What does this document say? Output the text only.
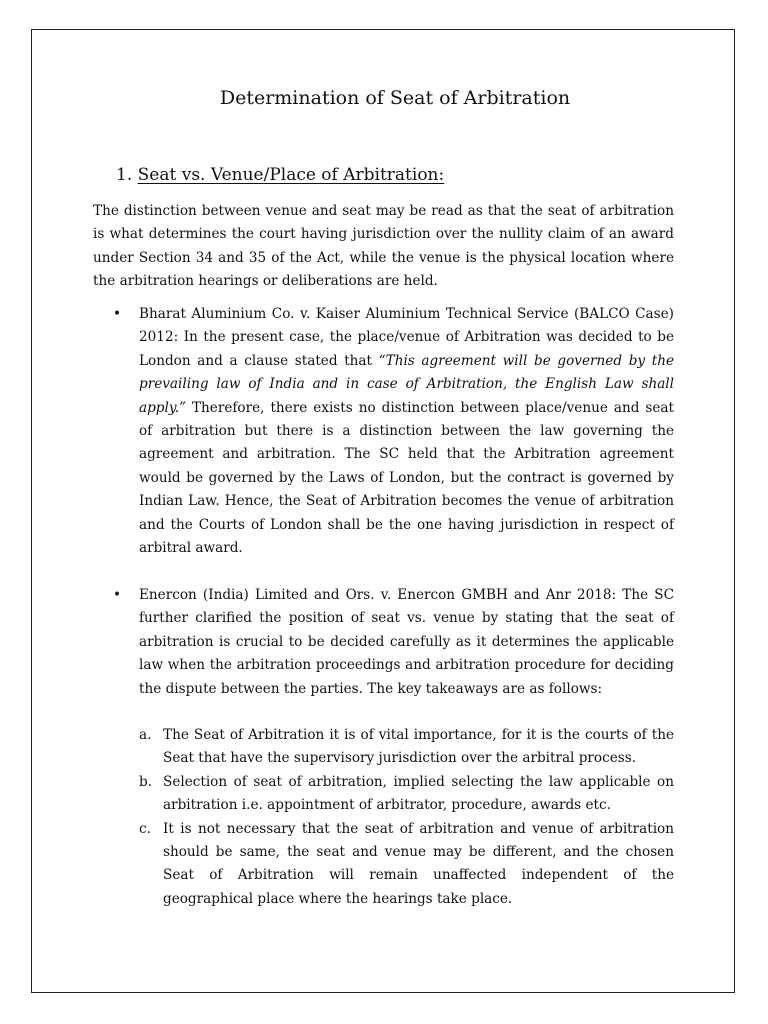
Determination of Seat of Arbitration
1. Seat vs. Venue/Place of Arbitration:

The distinction between venue and seat may be read as that the seat of arbitration is what determines the court having jurisdiction over the nullity claim of an award under Section 34 and 35 of the Act, while the venue is the physical location where the arbitration hearings or deliberations are held.

• Bharat Aluminium Co. v. Kaiser Aluminium Technical Service (BALCO Case) 2012: In the present case, the place/venue of Arbitration was decided to be London and a clause stated that “This agreement will be governed by the prevailing law of India and in case of Arbitration, the English Law shall apply.” Therefore, there exists no distinction between place/venue and seat of arbitration but there is a distinction between the law governing the agreement and arbitration. The SC held that the Arbitration agreement would be governed by the Laws of London, but the contract is governed by Indian Law. Hence, the Seat of Arbitration becomes the venue of arbitration and the Courts of London shall be the one having jurisdiction in respect of arbitral award.

• Enercon (India) Limited and Ors. v. Enercon GMBH and Anr 2018: The SC further clarified the position of seat vs. venue by stating that the seat of arbitration is crucial to be decided carefully as it determines the applicable law when the arbitration proceedings and arbitration procedure for deciding the dispute between the parties. The key takeaways are as follows:

a. The Seat of Arbitration it is of vital importance, for it is the courts of the Seat that have the supervisory jurisdiction over the arbitral process.
b. Selection of seat of arbitration, implied selecting the law applicable on arbitration i.e. appointment of arbitrator, procedure, awards etc.
c. It is not necessary that the seat of arbitration and venue of arbitration should be same, the seat and venue may be different, and the chosen Seat of Arbitration will remain unaffected independent of the geographical place where the hearings take place.
